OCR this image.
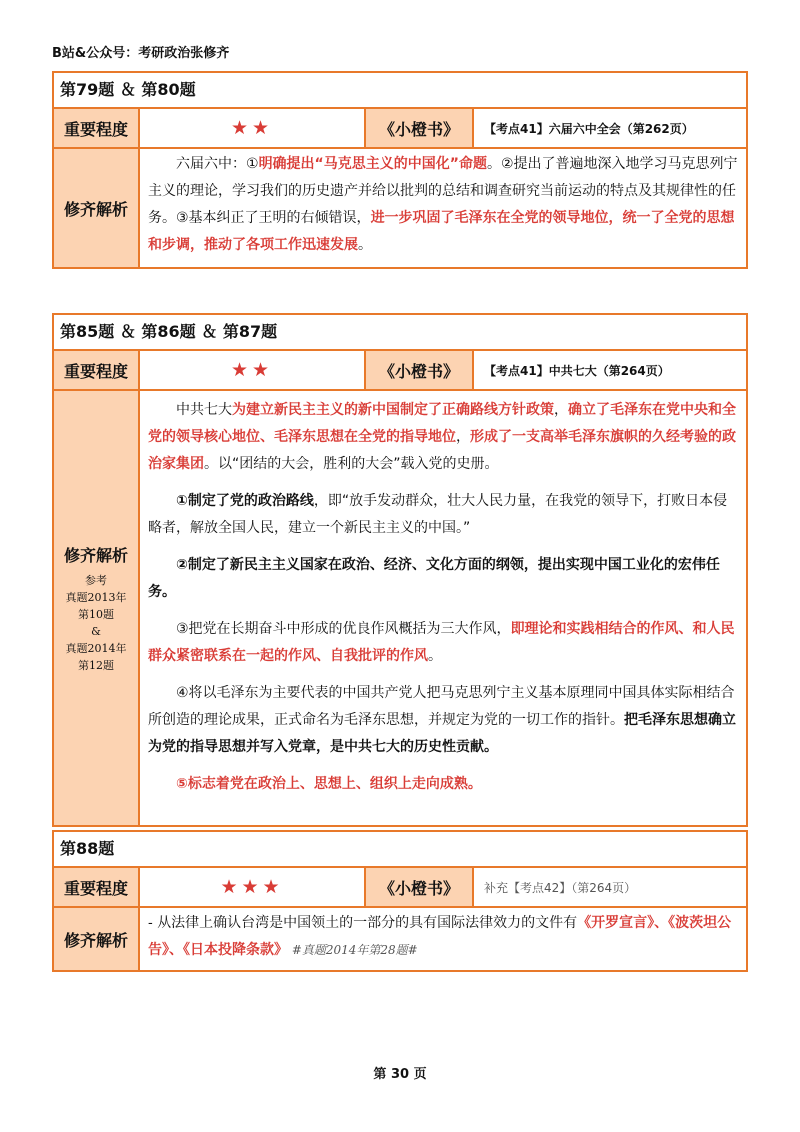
B站&公众号：考研政治张修齐
第79题 ＆ 第80题
重要程度	★★	《小橙书》	【考点41】六届六中全会（第262页）
修齐解析

六届六中：①明确提出“马克思主义的中国化”命题。②提出了普遍地深入地学习马克思列宁主义的理论，学习我们的历史遗产并给以批判的总结和调查研究当前运动的特点及其规律性的任务。③基本纠正了王明的右倾错误，进一步巩固了毛泽东在全党的领导地位，统一了全党的思想和步调，推动了各项工作迅速发展。

第85题 ＆ 第86题 ＆ 第87题
重要程度	★★	《小橙书》	【考点41】中共七大（第264页）
修齐解析
参考
真题2013年
第10题
&
真题2014年
第12题

中共七大为建立新民主主义的新中国制定了正确路线方针政策，确立了毛泽东在党中央和全党的领导核心地位、毛泽东思想在全党的指导地位，形成了一支高举毛泽东旗帜的久经考验的政治家集团。以“团结的大会，胜利的大会”载入党的史册。

①制定了党的政治路线，即“放手发动群众，壮大人民力量，在我党的领导下，打败日本侵略者，解放全国人民，建立一个新民主主义的中国。”

②制定了新民主主义国家在政治、经济、文化方面的纲领，提出实现中国工业化的宏伟任务。

③把党在长期奋斗中形成的优良作风概括为三大作风，即理论和实践相结合的作风、和人民群众紧密联系在一起的作风、自我批评的作风。

④将以毛泽东为主要代表的中国共产党人把马克思列宁主义基本原理同中国具体实际相结合所创造的理论成果，正式命名为毛泽东思想，并规定为党的一切工作的指针。把毛泽东思想确立为党的指导思想并写入党章，是中共七大的历史性贡献。

⑤标志着党在政治上、思想上、组织上走向成熟。

第88题
重要程度	★★★	《小橙书》	补充【考点42】（第264页）
修齐解析

‐ 从法律上确认台湾是中国领土的一部分的具有国际法律效力的文件有《开罗宣言》、《波茨坦公告》、《日本投降条款》 #真题2014年第28题#

第 30 页
